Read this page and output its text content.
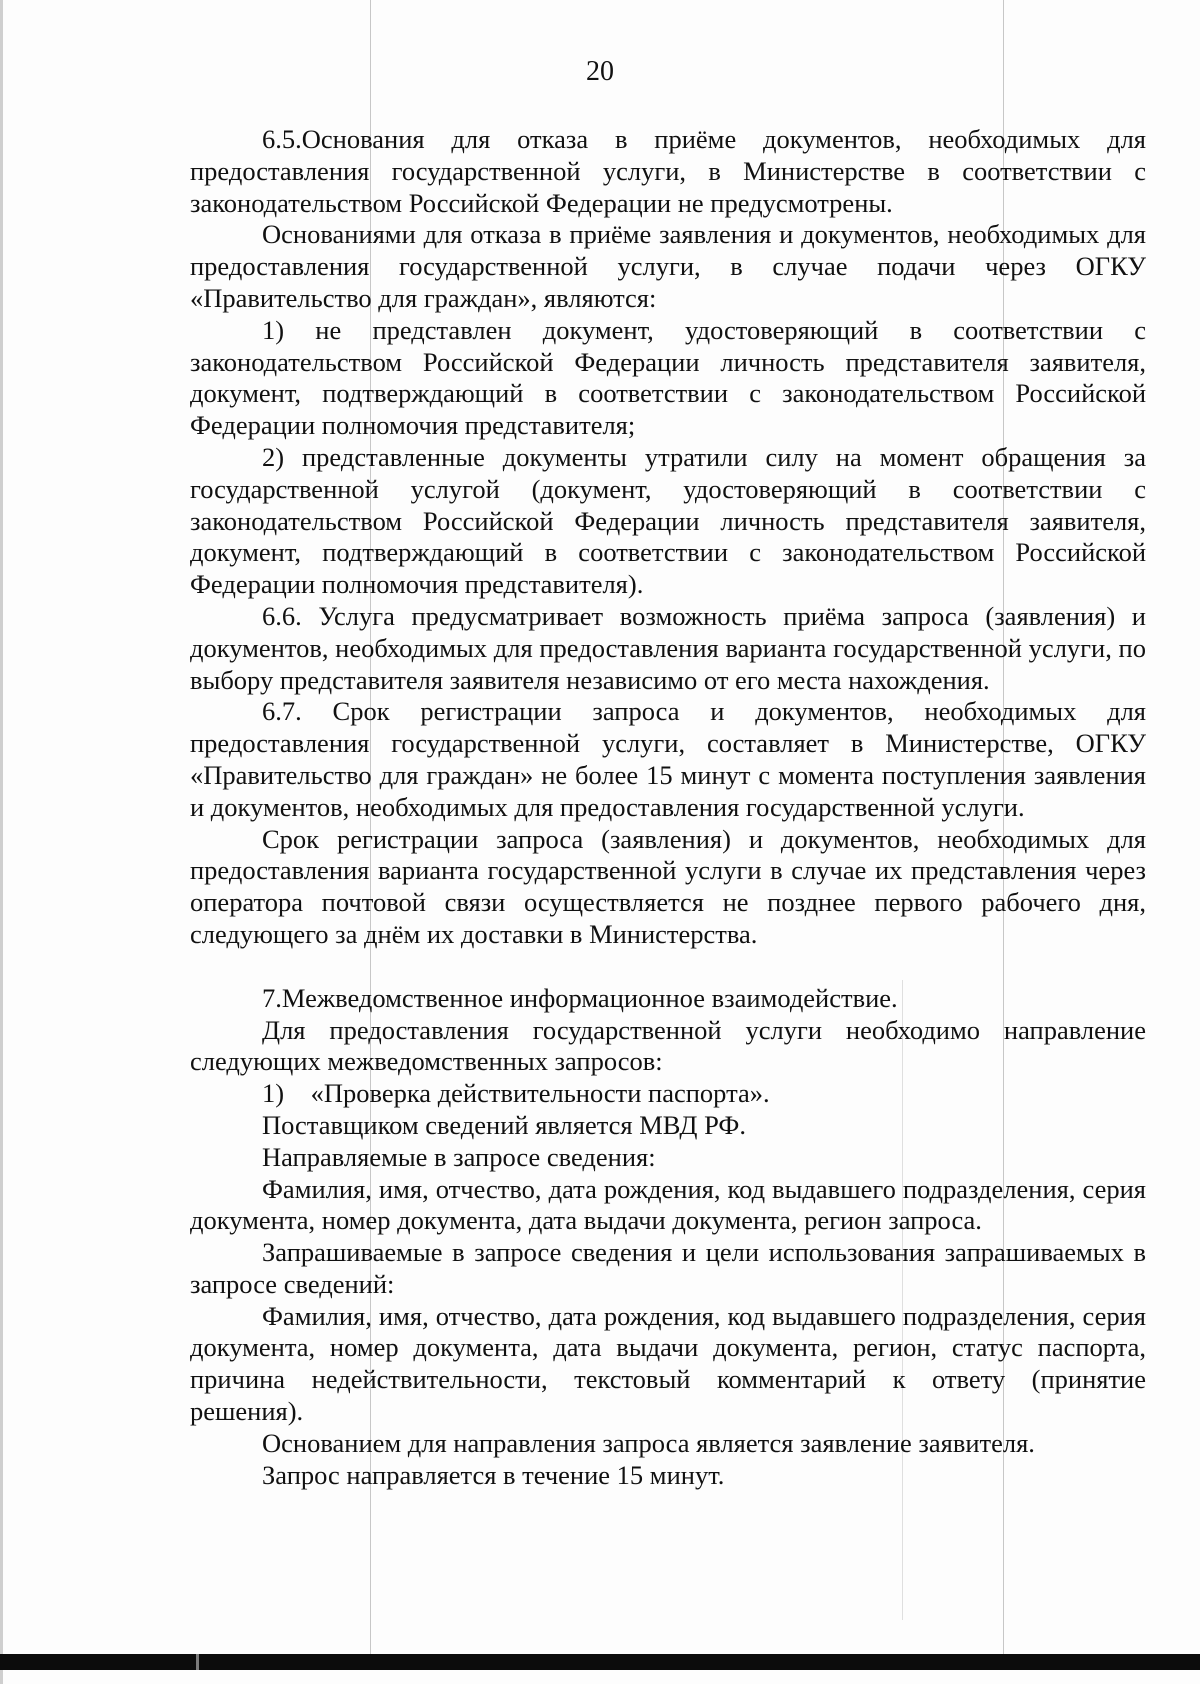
20

6.5.Основания для отказа в приёме документов, необходимых для предоставления государственной услуги, в Министерстве в соответствии с законодательством Российской Федерации не предусмотрены.

Основаниями для отказа в приёме заявления и документов, необходимых для предоставления государственной услуги, в случае подачи через ОГКУ «Правительство для граждан», являются:

1) не представлен документ, удостоверяющий в соответствии с законодательством Российской Федерации личность представителя заявителя, документ, подтверждающий в соответствии с законодательством Российской Федерации полномочия представителя;

2) представленные документы утратили силу на момент обращения за государственной услугой (документ, удостоверяющий в соответствии с законодательством Российской Федерации личность представителя заявителя, документ, подтверждающий в соответствии с законодательством Российской Федерации полномочия представителя).

6.6. Услуга предусматривает возможность приёма запроса (заявления) и документов, необходимых для предоставления варианта государственной услуги, по выбору представителя заявителя независимо от его места нахождения.

6.7. Срок регистрации запроса и документов, необходимых для предоставления государственной услуги, составляет в Министерстве, ОГКУ «Правительство для граждан» не более 15 минут с момента поступления заявления и документов, необходимых для предоставления государственной услуги.

Срок регистрации запроса (заявления) и документов, необходимых для предоставления варианта государственной услуги в случае их представления через оператора почтовой связи осуществляется не позднее первого рабочего дня, следующего за днём их доставки в Министерства.

7.Межведомственное информационное взаимодействие.

Для предоставления государственной услуги необходимо направление следующих межведомственных запросов:

1)    «Проверка действительности паспорта».

Поставщиком сведений является МВД РФ.

Направляемые в запросе сведения:

Фамилия, имя, отчество, дата рождения, код выдавшего подразделения, серия документа, номер документа, дата выдачи документа, регион запроса.

Запрашиваемые в запросе сведения и цели использования запрашиваемых в запросе сведений:

Фамилия, имя, отчество, дата рождения, код выдавшего подразделения, серия документа, номер документа, дата выдачи документа, регион, статус паспорта, причина недействительности, текстовый комментарий к ответу (принятие решения).

Основанием для направления запроса является заявление заявителя.

Запрос направляется в течение 15 минут.
